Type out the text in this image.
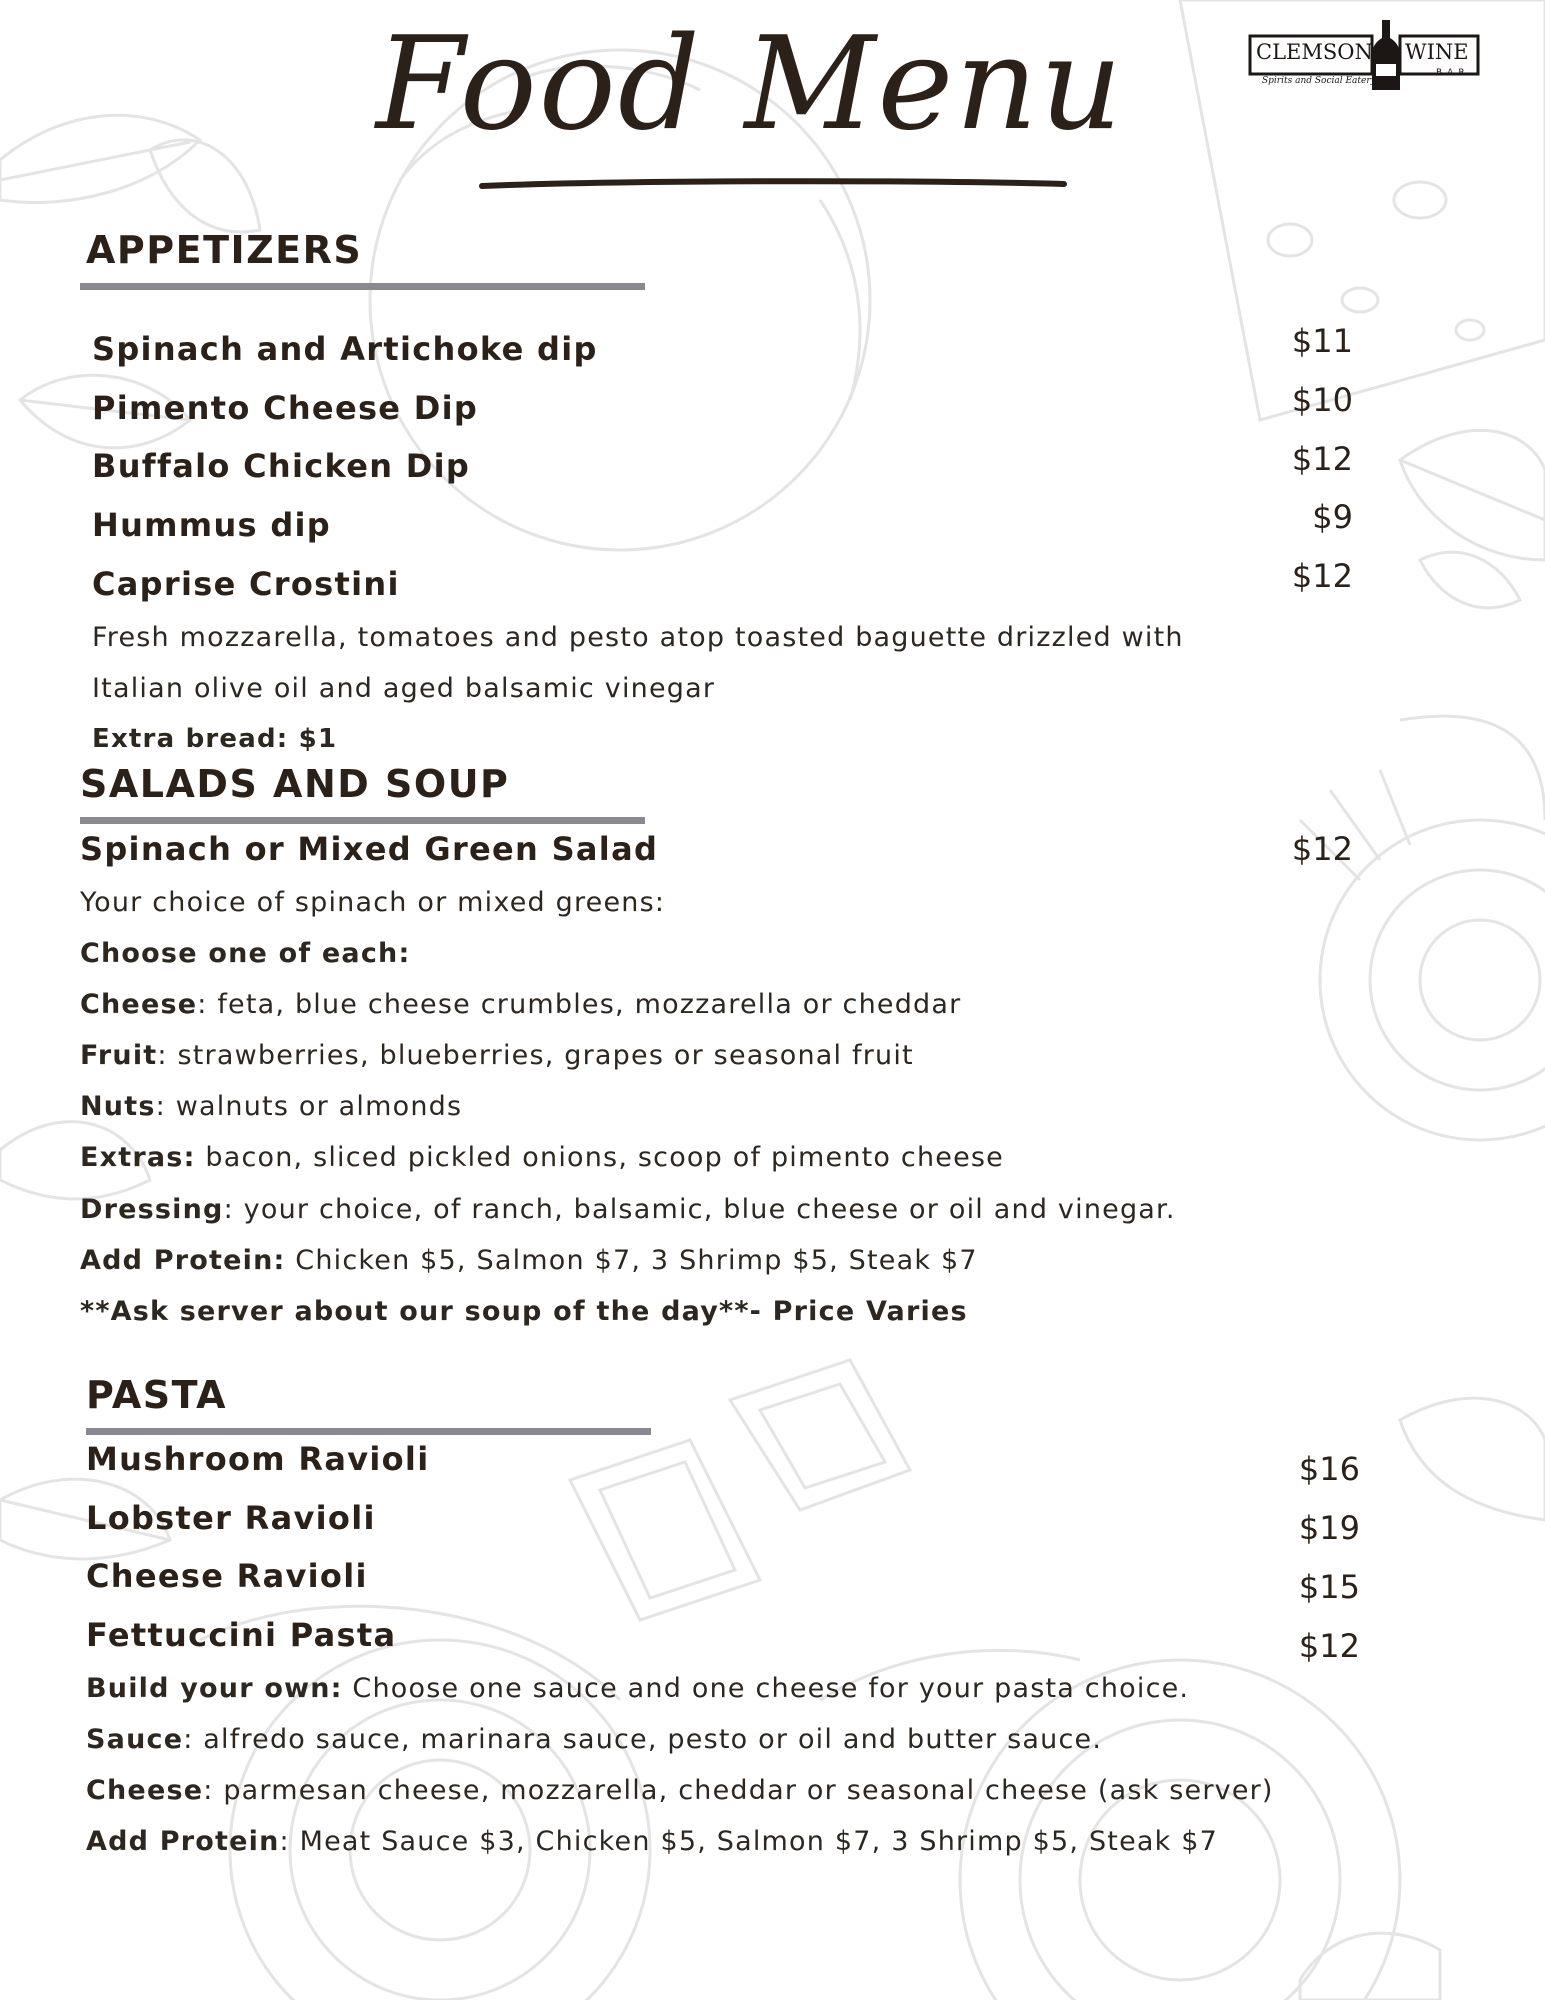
Food Menu	CLEMSON WINE
Spirits and Social Eatery
BAR
APPETIZERS
Spinach and Artichoke dip	$11
Pimento Cheese Dip	$10
Buffalo Chicken Dip	$12
Hummus dip	$9
Caprise Crostini	$12
Fresh mozzarella, tomatoes and pesto atop toasted baguette drizzled with
Italian olive oil and aged balsamic vinegar
Extra bread: $1
SALADS AND SOUP
Spinach or Mixed Green Salad	$12
Your choice of spinach or mixed greens:
Choose one of each:
Cheese: feta, blue cheese crumbles, mozzarella or cheddar
Fruit: strawberries, blueberries, grapes or seasonal fruit
Nuts: walnuts or almonds
Extras: bacon, sliced pickled onions, scoop of pimento cheese
Dressing: your choice, of ranch, balsamic, blue cheese or oil and vinegar.
Add Protein: Chicken $5, Salmon $7, 3 Shrimp $5, Steak $7
**Ask server about our soup of the day**- Price Varies
PASTA
Mushroom Ravioli	$16
Lobster Ravioli	$19
Cheese Ravioli	$15
Fettuccini Pasta	$12
Build your own: Choose one sauce and one cheese for your pasta choice.
Sauce: alfredo sauce, marinara sauce, pesto or oil and butter sauce.
Cheese: parmesan cheese, mozzarella, cheddar or seasonal cheese (ask server)
Add Protein: Meat Sauce $3, Chicken $5, Salmon $7, 3 Shrimp $5, Steak $7
